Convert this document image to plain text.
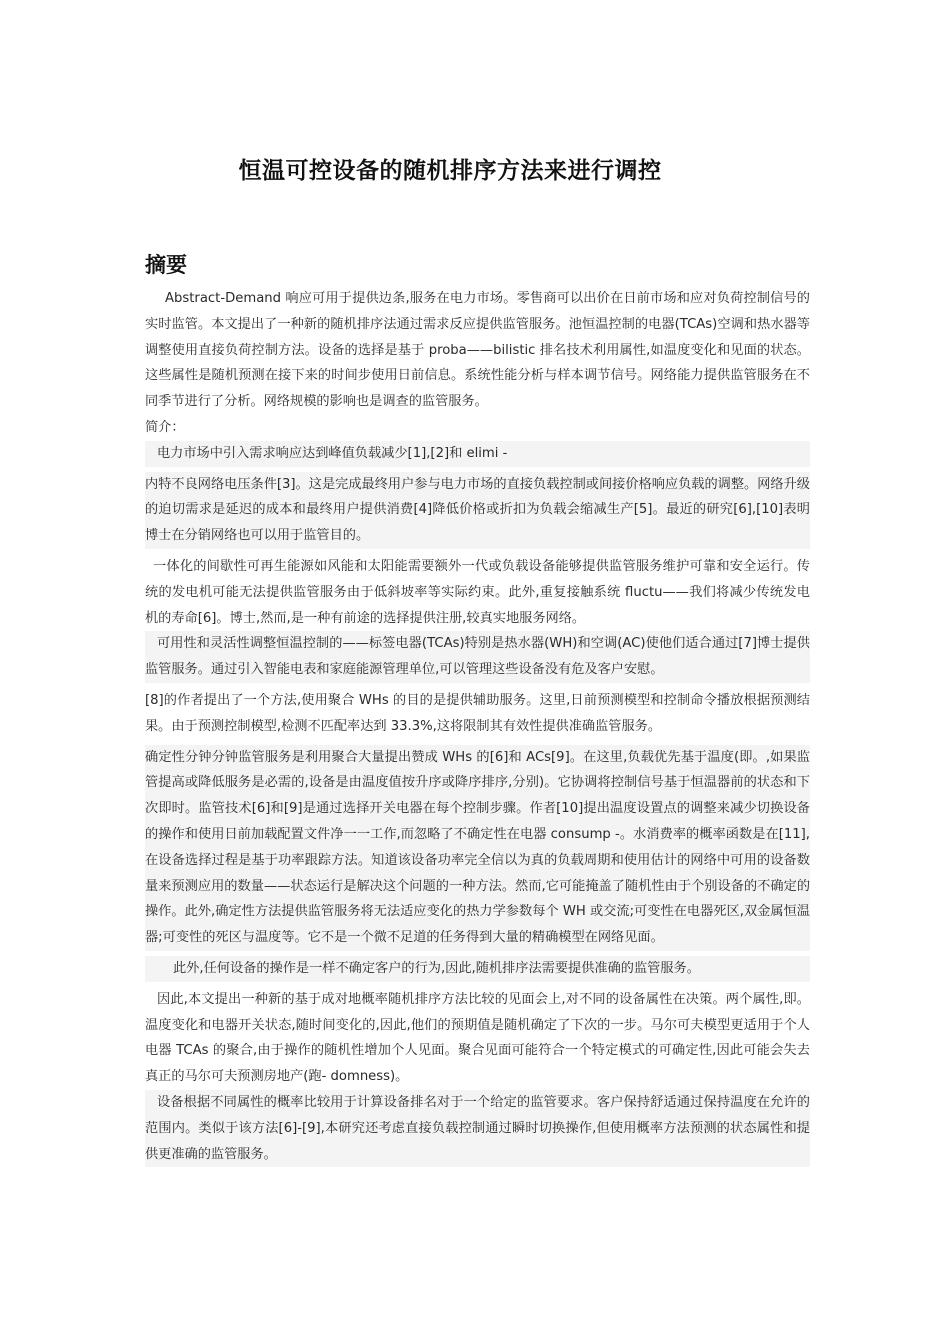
恒温可控设备的随机排序方法来进行调控
摘要

Abstract-Demand 响应可用于提供边条,服务在电力市场。零售商可以出价在日前市场和应对负荷控制信号的实时监管。本文提出了一种新的随机排序法通过需求反应提供监管服务。池恒温控制的电器(TCAs)空调和热水器等调整使用直接负荷控制方法。设备的选择是基于 proba——bilistic 排名技术利用属性,如温度变化和见面的状态。这些属性是随机预测在接下来的时间步使用日前信息。系统性能分析与样本调节信号。网络能力提供监管服务在不同季节进行了分析。网络规模的影响也是调查的监管服务。

简介：

电力市场中引入需求响应达到峰值负载减少[1],[2]和 elimi -

内特不良网络电压条件[3]。这是完成最终用户参与电力市场的直接负载控制或间接价格响应负载的调整。网络升级的迫切需求是延迟的成本和最终用户提供消费[4]降低价格或折扣为负载会缩减生产[5]。最近的研究[6],[10]表明博士在分销网络也可以用于监管目的。

一体化的间歇性可再生能源如风能和太阳能需要额外一代或负载设备能够提供监管服务维护可靠和安全运行。传统的发电机可能无法提供监管服务由于低斜坡率等实际约束。此外,重复接触系统 fluctu——我们将减少传统发电机的寿命[6]。博士,然而,是一种有前途的选择提供注册,较真实地服务网络。

可用性和灵活性调整恒温控制的——标签电器(TCAs)特别是热水器(WH)和空调(AC)使他们适合通过[7]博士提供监管服务。通过引入智能电表和家庭能源管理单位,可以管理这些设备没有危及客户安慰。

[8]的作者提出了一个方法,使用聚合 WHs 的目的是提供辅助服务。这里,日前预测模型和控制命令播放根据预测结果。由于预测控制模型,检测不匹配率达到 33.3%,这将限制其有效性提供准确监管服务。

确定性分钟分钟监管服务是利用聚合大量提出赞成 WHs 的[6]和 ACs[9]。在这里,负载优先基于温度(即。,如果监管提高或降低服务是必需的,设备是由温度值按升序或降序排序,分别)。它协调将控制信号基于恒温器前的状态和下次即时。监管技术[6]和[9]是通过选择开关电器在每个控制步骤。作者[10]提出温度设置点的调整来减少切换设备的操作和使用日前加载配置文件净一一工作,而忽略了不确定性在电器 consump -。水消费率的概率函数是在[11],在设备选择过程是基于功率跟踪方法。知道该设备功率完全信以为真的负载周期和使用估计的网络中可用的设备数量来预测应用的数量——状态运行是解决这个问题的一种方法。然而,它可能掩盖了随机性由于个别设备的不确定的操作。此外,确定性方法提供监管服务将无法适应变化的热力学参数每个 WH 或交流;可变性在电器死区,双金属恒温器;可变性的死区与温度等。它不是一个微不足道的任务得到大量的精确模型在网络见面。

此外,任何设备的操作是一样不确定客户的行为,因此,随机排序法需要提供准确的监管服务。

因此,本文提出一种新的基于成对地概率随机排序方法比较的见面会上,对不同的设备属性在决策。两个属性,即。温度变化和电器开关状态,随时间变化的,因此,他们的预期值是随机确定了下次的一步。马尔可夫模型更适用于个人电器 TCAs 的聚合,由于操作的随机性增加个人见面。聚合见面可能符合一个特定模式的可确定性,因此可能会失去真正的马尔可夫预测房地产(跑- domness)。

设备根据不同属性的概率比较用于计算设备排名对于一个给定的监管要求。客户保持舒适通过保持温度在允许的范围内。类似于该方法[6]-[9],本研究还考虑直接负载控制通过瞬时切换操作,但使用概率方法预测的状态属性和提供更准确的监管服务。
